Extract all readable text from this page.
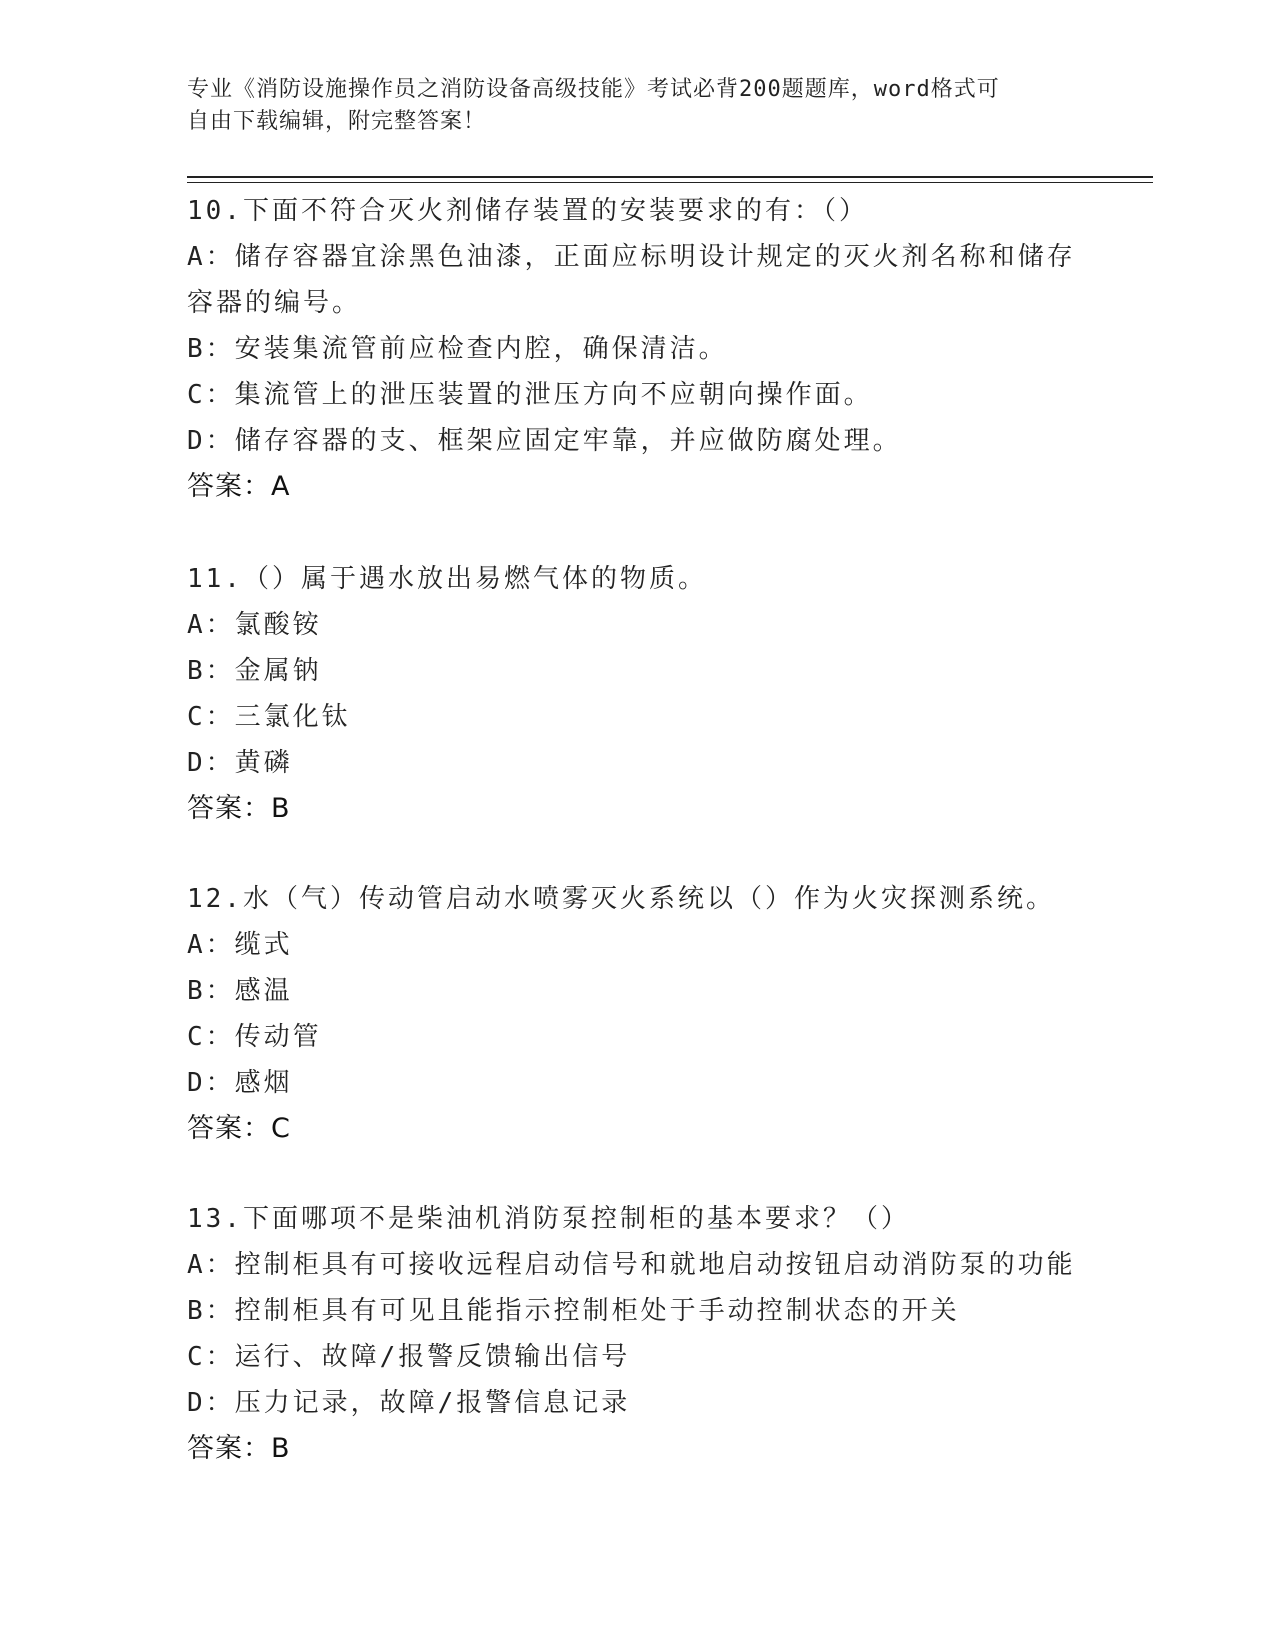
专业《消防设施操作员之消防设备高级技能》考试必背200题题库，word格式可
自由下载编辑，附完整答案！
10.下面不符合灭火剂储存装置的安装要求的有：（）
A：储存容器宜涂黑色油漆，正面应标明设计规定的灭火剂名称和储存容器的编号。
B：安装集流管前应检查内腔，确保清洁。
C：集流管上的泄压装置的泄压方向不应朝向操作面。
D：储存容器的支、框架应固定牢靠，并应做防腐处理。
答案：A
11.（）属于遇水放出易燃气体的物质。
A：氯酸铵
B：金属钠
C：三氯化钛
D：黄磷
答案：B
12.水（气）传动管启动水喷雾灭火系统以（）作为火灾探测系统。
A：缆式
B：感温
C：传动管
D：感烟
答案：C
13.下面哪项不是柴油机消防泵控制柜的基本要求？（）
A：控制柜具有可接收远程启动信号和就地启动按钮启动消防泵的功能
B：控制柜具有可见且能指示控制柜处于手动控制状态的开关
C：运行、故障/报警反馈输出信号
D：压力记录，故障/报警信息记录
答案：B
